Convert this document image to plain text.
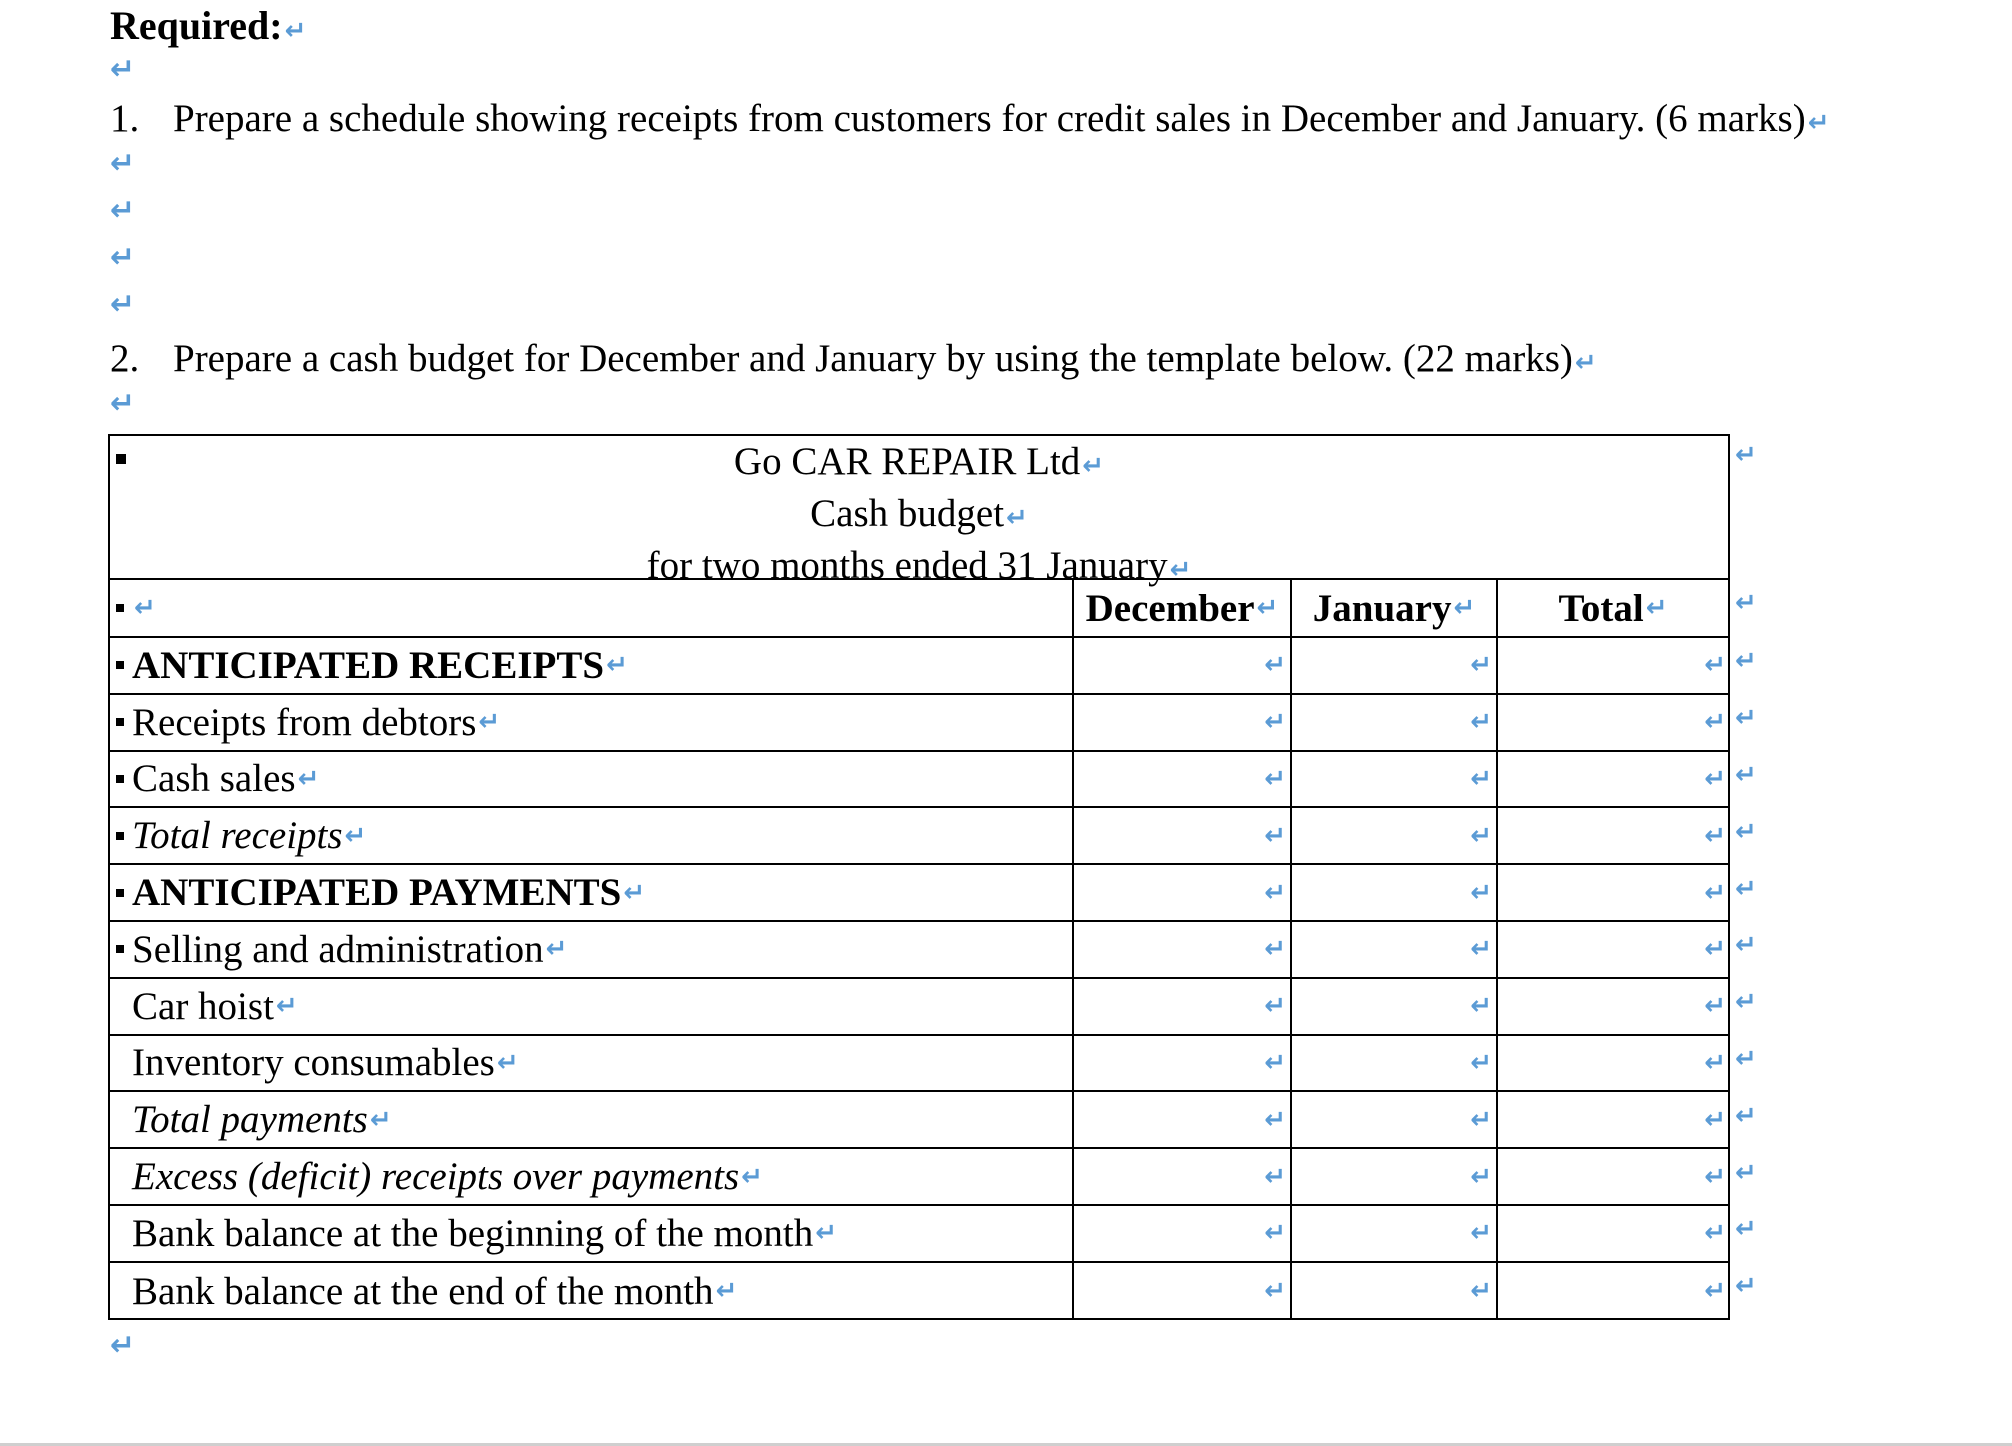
Required:↵
↵
1. Prepare a schedule showing receipts from customers for credit sales in December and January. (6 marks)↵
↵
↵
↵
↵
2. Prepare a cash budget for December and January by using the template below. (22 marks)↵
↵
Go CAR REPAIR Ltd↵
Cash budget↵
for two months ended 31 January↵
↵	December ↵ January ↵ Total ↵
ANTICIPATED RECEIPTS ↵	↵	↵	↵
Receipts from debtors ↵	↵	↵	↵
Cash sales ↵	↵	↵	↵
Total receipts ↵	↵	↵	↵
ANTICIPATED PAYMENTS ↵	↵	↵	↵
Selling and administration ↵	↵	↵	↵
Car hoist ↵	↵	↵	↵
Inventory consumables ↵	↵	↵	↵
Total payments ↵	↵	↵	↵
Excess (deficit) receipts over payments ↵	↵	↵	↵
Bank balance at the beginning of the month ↵	↵	↵	↵
Bank balance at the end of the month ↵	↵	↵	↵
↵
↵
↵
↵
↵
↵
↵
↵
↵
↵
↵
↵
↵
↵
↵
